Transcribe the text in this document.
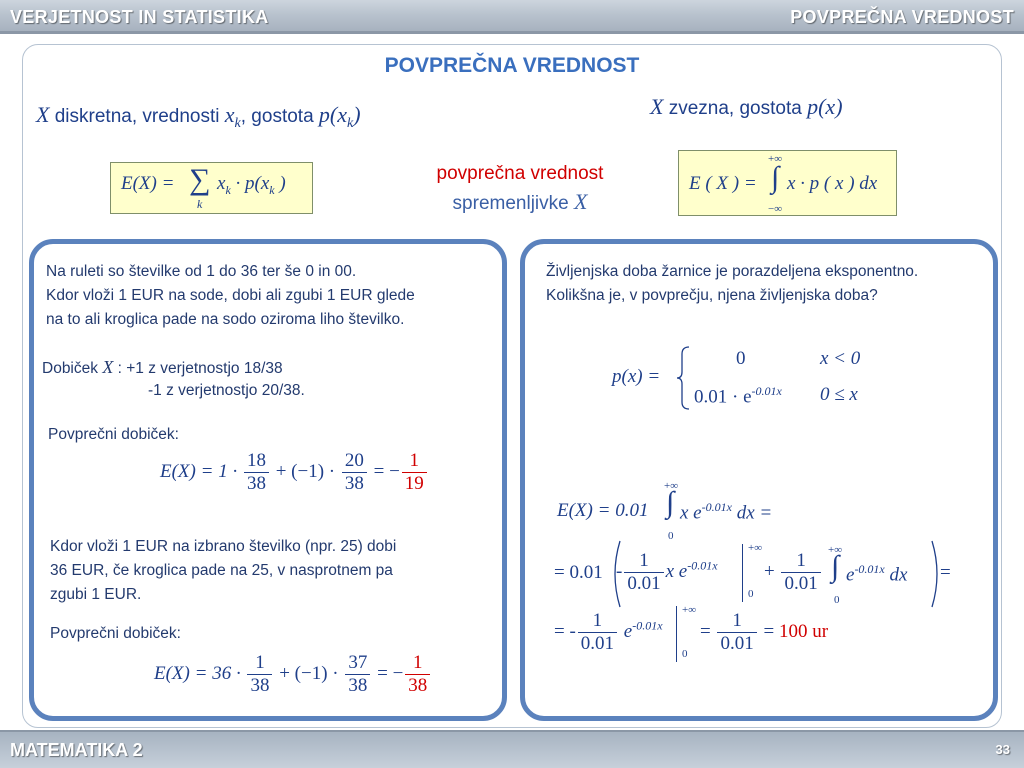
VERJETNOST IN STATISTIKA	POVPREČNA VREDNOST
POVPREČNA VREDNOST
X diskretna, vrednosti $x_k$, gostota $p(x_k)$	X zvezna, gostota p(x)
E(X) = ∑
k
$x_k \cdot p(x_k$ )	povprečna vrednost
spremenljivke X
E ( X ) =
+∞
∫
−∞
x · p ( x ) dx
Na ruleti so številke od 1 do 36 ter še 0 in 00.
Kdor vloži 1 EUR na sode, dobi ali zgubi 1 EUR glede
na to ali kroglica pade na sodo oziroma liho številko.
Dobiček X : +1 z verjetnostjo 18/38
-1 z verjetnostjo 20/38.
Povprečni dobiček:
$E(X) = 1 \cdot \frac{18}{38} + (-1) \cdot \frac{20}{38}$ = − $\frac{1}{19}$
Kdor vloži 1 EUR na izbrano številko (npr. 25) dobi
36 EUR, če kroglica pade na 25, v nasprotnem pa
zgubi 1 EUR.
Povprečni dobiček:
$E(X) = 36 \cdot \frac{1}{38} + (-1) \cdot \frac{37}{38}$ = − $\frac{1}{38}$
Življenjska doba žarnice je porazdeljena eksponentno.
Kolikšna je, v povprečju, njena življenjska doba?
p(x) =
0	x < 0
$0.01 \cdot e^{-0.01x}$ 0 ≤ x
E(X) = 0.01
+∞
∫
0
x $e^{-0.01x}$ dx =
= $0.01 - \frac{1}{0.01}$ x $e^{-0.01x}$
+∞
0
+ $\frac{1}{0.01}$ +∞
∫
0
$e^{-0.01x}$ dx =
= - $\frac{1}{0.01} e^{-0.01x}$
+∞
0
= $\frac{1}{0.01} = 100$ ur
MATEMATIKA 2	33
